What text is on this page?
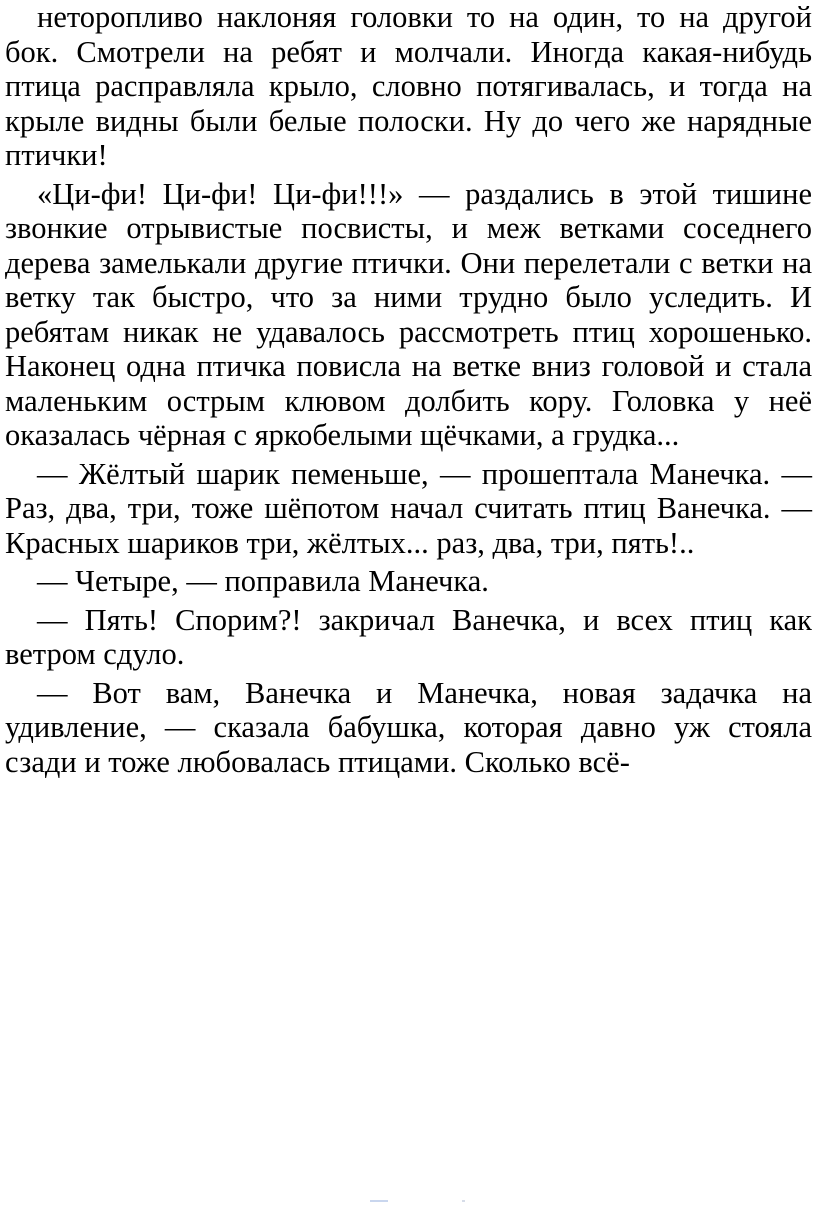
неторопливо наклоняя головки то на один, то на другой бок. Смотрели на ребят и молчали. Иногда какая-нибудь птица расправляла крыло, словно потягивалась, и тогда на крыле видны были белые полоски. Ну до чего же нарядные птички!

«Ци-фи! Ци-фи! Ци-фи!!!» — раздались в этой тишине звонкие отрывистые посвисты, и меж ветками соседнего дерева замелькали другие птички. Они перелетали с ветки на ветку так быстро, что за ними трудно было уследить. И ребятам никак не удавалось рассмотреть птиц хорошенько. Наконец одна птичка повисла на ветке вниз головой и стала маленьким острым клювом долбить кору. Головка у неё оказалась чёрная с яркобелыми щёчками, а грудка...

— Жёлтый шарик пеменьше, — прошептала Манечка. — Раз, два, три, тоже шёпотом начал считать птиц Ванечка. — Красных шариков три, жёлтых... раз, два, три, пять!..

— Четыре, — поправила Манечка.

— Пять! Спорим?! закричал Ванечка, и всех птиц как ветром сдуло.

— Вот вам, Ванечка и Манечка, новая задачка на удивление, — сказала бабушка, которая давно уж стояла сзади и тоже любовалась птицами. Сколько всё-
